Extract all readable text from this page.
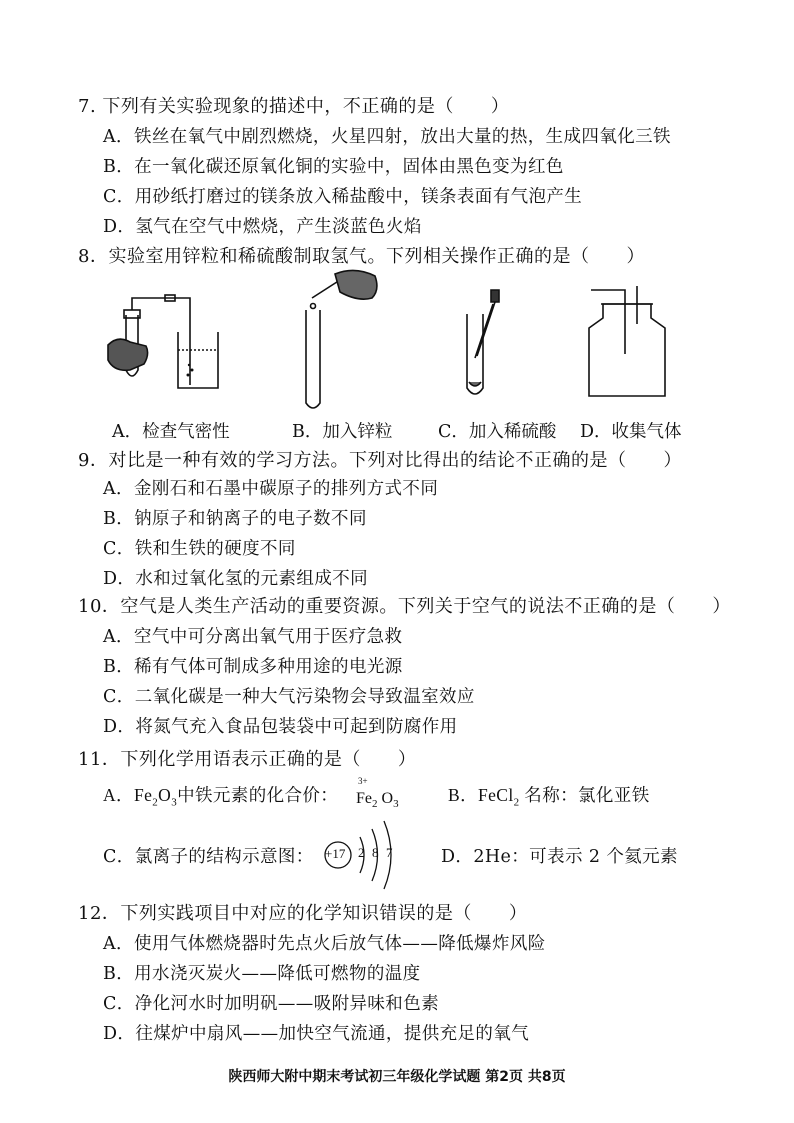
7. 下列有关实验现象的描述中，不正确的是（　　）
A．铁丝在氧气中剧烈燃烧，火星四射，放出大量的热，生成四氧化三铁
B．在一氧化碳还原氧化铜的实验中，固体由黑色变为红色
C．用砂纸打磨过的镁条放入稀盐酸中，镁条表面有气泡产生
D．氢气在空气中燃烧，产生淡蓝色火焰
8．实验室用锌粒和稀硫酸制取氢气。下列相关操作正确的是（　　）
A．检查气密性	B．加入锌粒	C．加入稀硫酸 D．收集气体
9．对比是一种有效的学习方法。下列对比得出的结论不正确的是（　　）
A．金刚石和石墨中碳原子的排列方式不同
B．钠原子和钠离子的电子数不同
C．铁和生铁的硬度不同
D．水和过氧化氢的元素组成不同
10．空气是人类生产活动的重要资源。下列关于空气的说法不正确的是（　　）
A．空气中可分离出氧气用于医疗急救
B．稀有气体可制成多种用途的电光源
C．二氧化碳是一种大气污染物会导致温室效应
D．将氮气充入食品包装袋中可起到防腐作用
11．下列化学用语表示正确的是（　　）
A．$Fe_2O_3$中铁元素的化合价：
3+
$Fe_2$ $O_3$	B．FeCl$_2$ 名称：氯化亚铁
C．氯离子的结构示意图： +17 2 8 7	D．2He：可表示 2 个氦元素
12．下列实践项目中对应的化学知识错误的是（　　）
A．使用气体燃烧器时先点火后放气体——降低爆炸风险
B．用水浇灭炭火——降低可燃物的温度
C．净化河水时加明矾——吸附异味和色素
D．往煤炉中扇风——加快空气流通，提供充足的氧气
陕西师大附中期末考试初三年级化学试题 第2页 共8页
